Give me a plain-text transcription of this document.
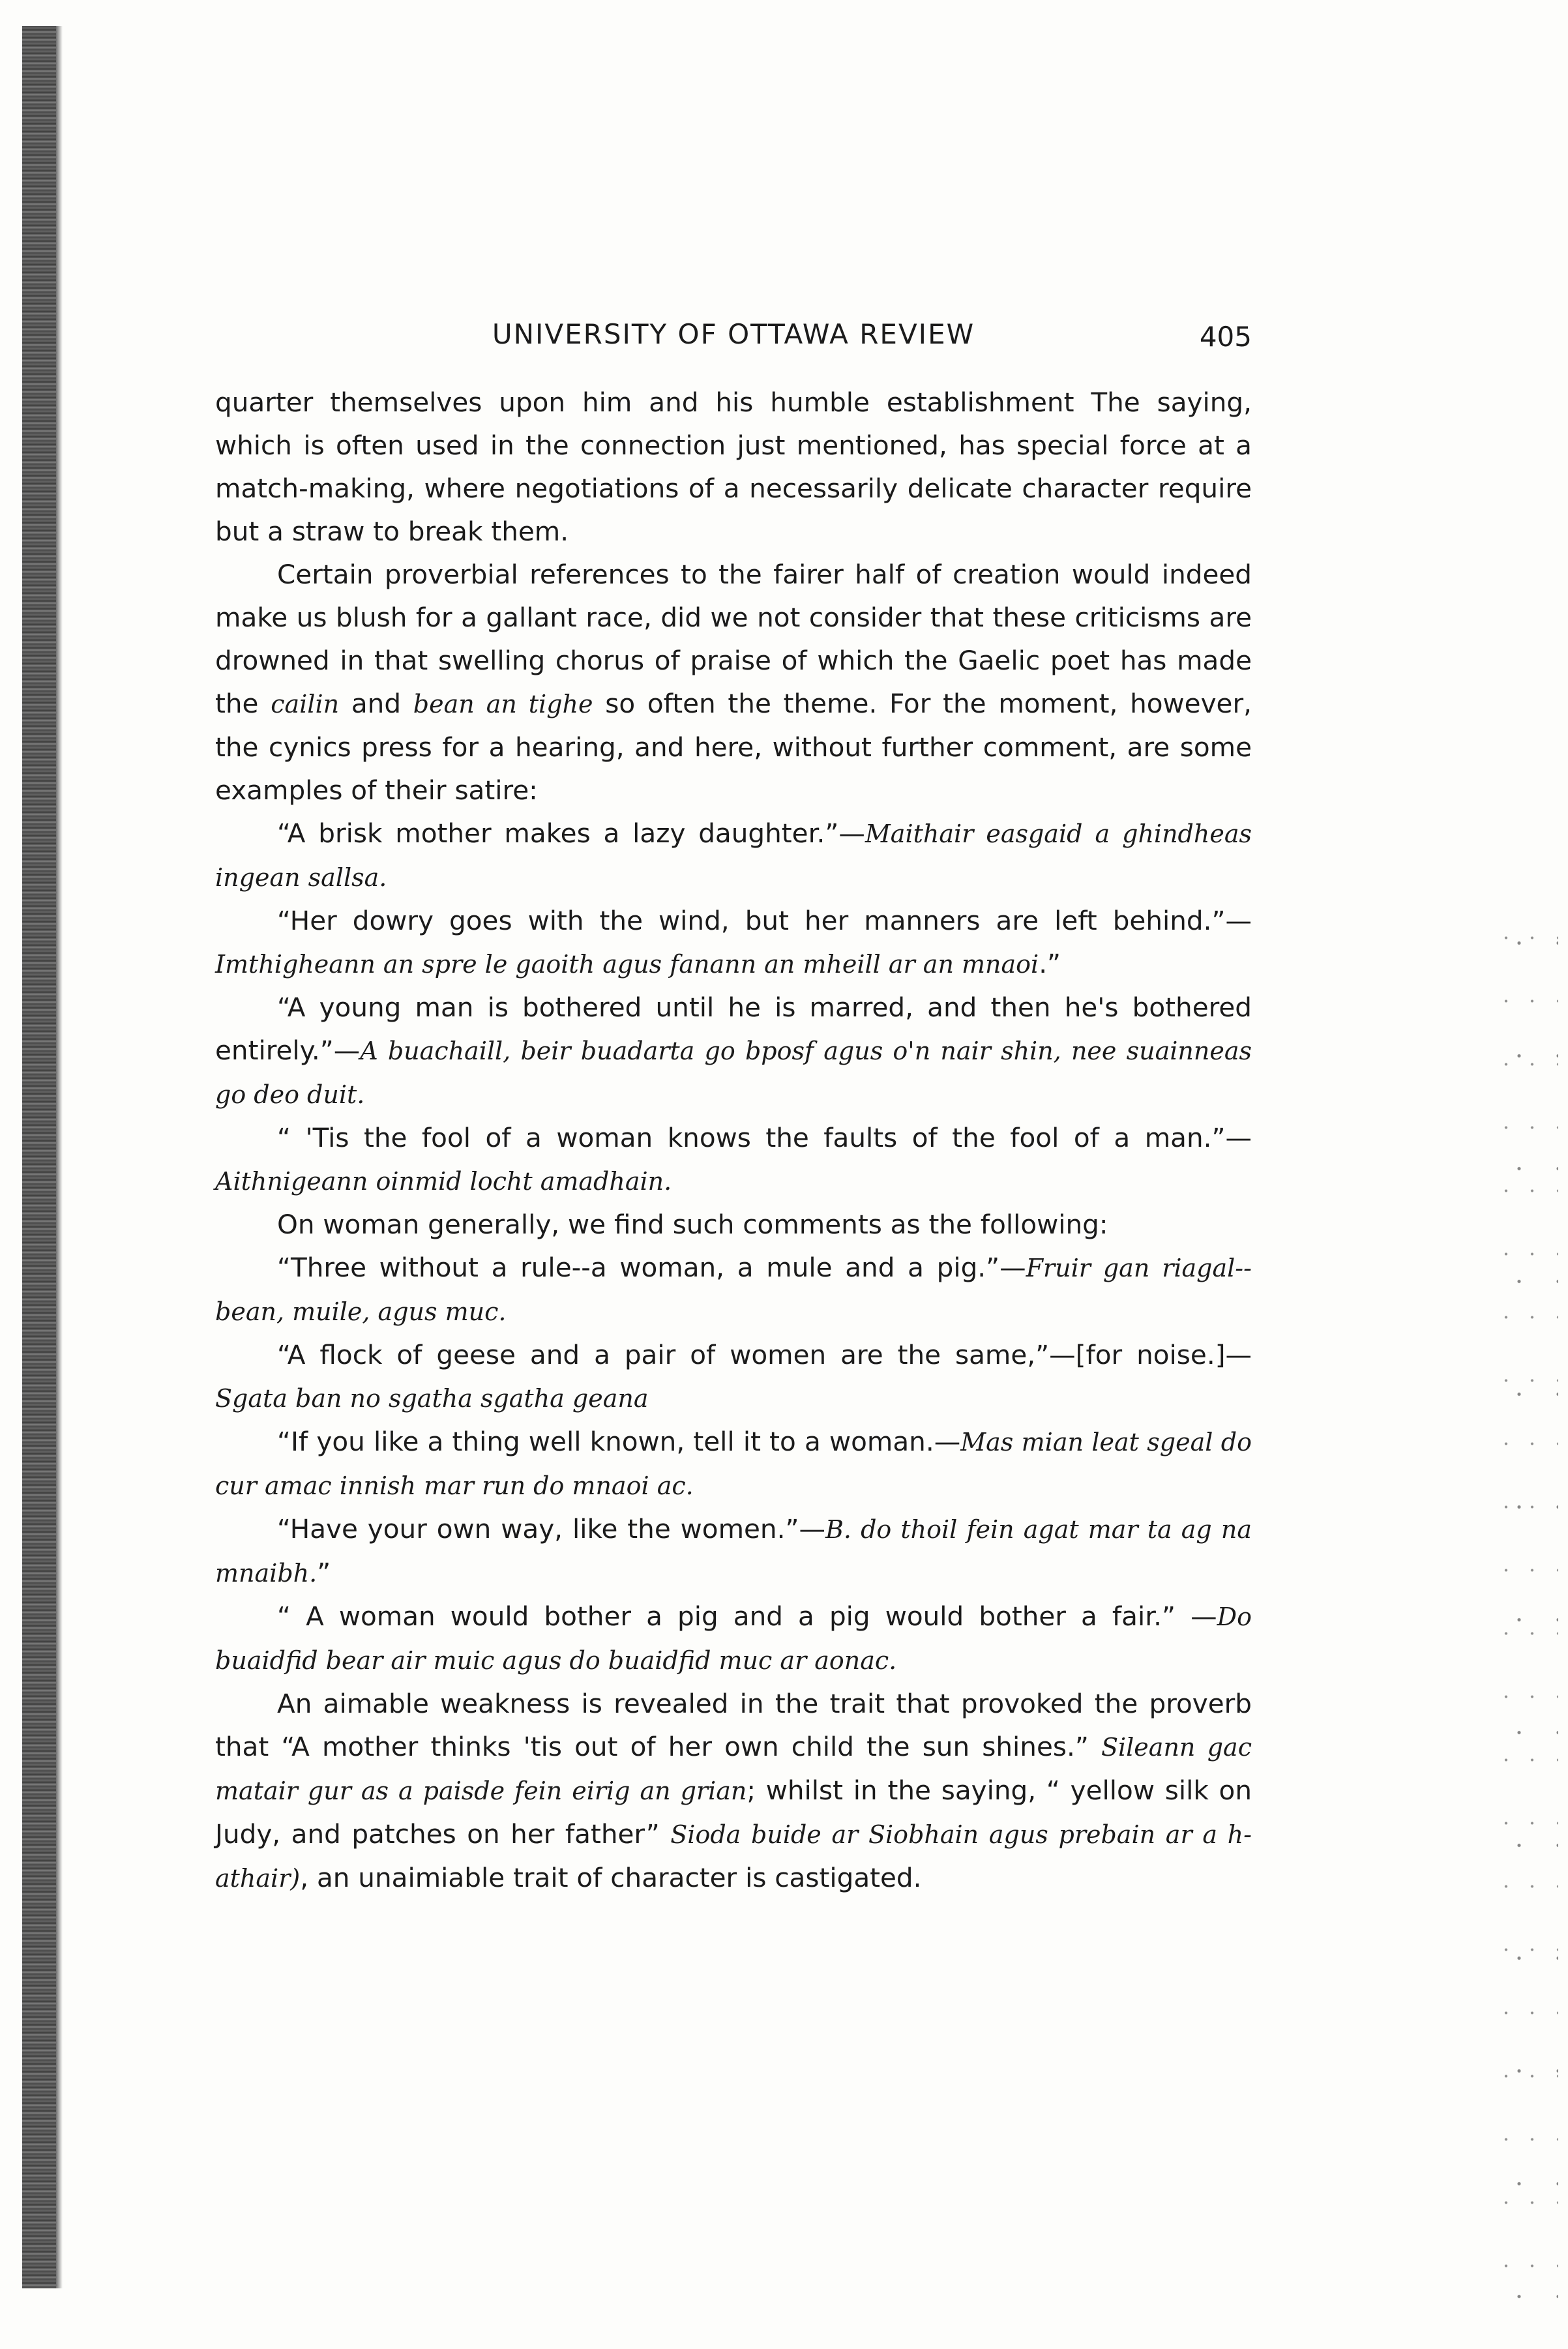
UNIVERSITY OF OTTAWA REVIEW	405

quarter themselves upon him and his humble establishment The saying, which is often used in the connection just mentioned, has special force at a match-making, where negotiations of a necessarily delicate character require but a straw to break them.

Certain proverbial references to the fairer half of creation would indeed make us blush for a gallant race, did we not consider that these criticisms are drowned in that swelling chorus of praise of which the Gaelic poet has made the cailin and bean an tighe so often the theme. For the moment, however, the cynics press for a hearing, and here, without further comment, are some examples of their satire:

“A brisk mother makes a lazy daughter.”—Maithair easgaid a ghindheas ingean sallsa.

“Her dowry goes with the wind, but her manners are left behind.”—Imthigheann an spre le gaoith agus fanann an mheill ar an mnaoi.”

“A young man is bothered until he is marred, and then he's bothered entirely.”—A buachaill, beir buadarta go bposf agus o'n nair shin, nee suainneas go deo duit.

“ 'Tis the fool of a woman knows the faults of the fool of a man.”—Aithnigeann oinmid locht amadhain.

On woman generally, we find such comments as the following:

“Three without a rule--a woman, a mule and a pig.”—Fruir gan riagal--bean, muile, agus muc.

“A flock of geese and a pair of women are the same,”—[for noise.]—Sgata ban no sgatha sgatha geana

“If you like a thing well known, tell it to a woman.—Mas mian leat sgeal do cur amac innish mar run do mnaoi ac.

“Have your own way, like the women.”—B. do thoil fein agat mar ta ag na mnaibh.”

“ A woman would bother a pig and a pig would bother a fair.” —Do buaidfid bear air muic agus do buaidfid muc ar aonac.

An aimable weakness is revealed in the trait that provoked the proverb that “A mother thinks 'tis out of her own child the sun shines.” Sileann gac matair gur as a paisde fein eirig an grian; whilst in the saying, “ yellow silk on Judy, and patches on her father” Sioda buide ar Siobhain agus prebain ar a h-athair), an unaimiable trait of character is castigated.
